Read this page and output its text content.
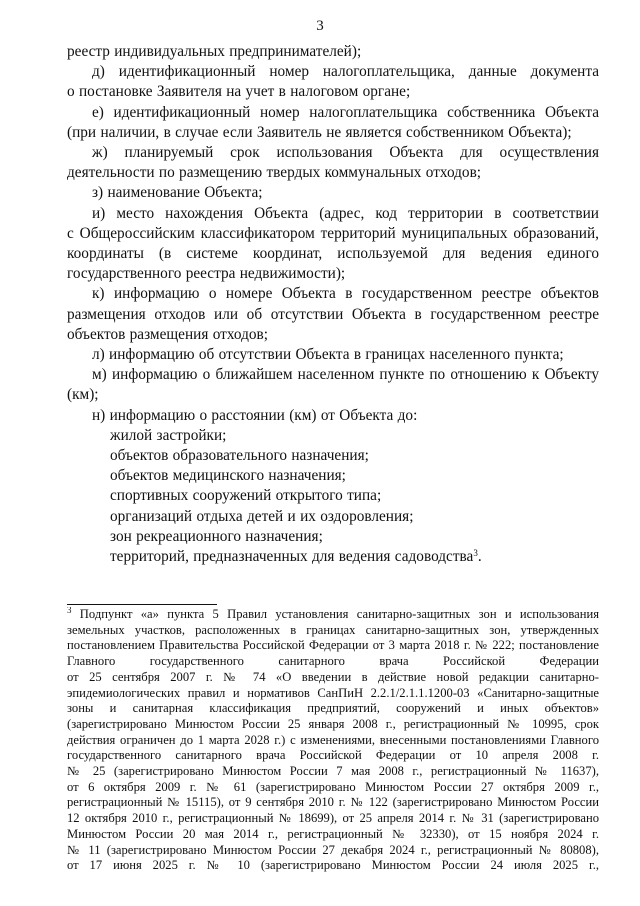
3
реестр индивидуальных предпринимателей);
д) идентификационный номер налогоплательщика, данные документа
о постановке Заявителя на учет в налоговом органе;
е) идентификационный номер налогоплательщика собственника Объекта
(при наличии, в случае если Заявитель не является собственником Объекта);
ж) планируемый срок использования Объекта для осуществления
деятельности по размещению твердых коммунальных отходов;
з) наименование Объекта;
и) место нахождения Объекта (адрес, код территории в соответствии
с Общероссийским классификатором территорий муниципальных образований,
координаты (в системе координат, используемой для ведения единого
государственного реестра недвижимости);
к) информацию о номере Объекта в государственном реестре объектов
размещения отходов или об отсутствии Объекта в государственном реестре
объектов размещения отходов;
л) информацию об отсутствии Объекта в границах населенного пункта;
м) информацию о ближайшем населенном пункте по отношению к Объекту
(км);
н) информацию о расстоянии (км) от Объекта до:
жилой застройки;
объектов образовательного назначения;
объектов медицинского назначения;
спортивных сооружений открытого типа;
организаций отдыха детей и их оздоровления;
зон рекреационного назначения;
территорий, предназначенных для ведения садоводства$^3$.
$^3$ Подпункт «а» пункта 5 Правил установления санитарно-защитных зон и использования
земельных участков, расположенных в границах санитарно-защитных зон, утвержденных
постановлением Правительства Российской Федерации от 3 марта 2018 г. № 222; постановление
Главного государственного санитарного врача Российской Федерации
от 25 сентября 2007 г. № 74 «О введении в действие новой редакции санитарно-
эпидемиологических правил и нормативов СанПиН 2.2.1/2.1.1.1200-03 «Санитарно-защитные
зоны и санитарная классификация предприятий, сооружений и иных объектов»
(зарегистрировано Минюстом России 25 января 2008 г., регистрационный № 10995, срок
действия ограничен до 1 марта 2028 г.) с изменениями, внесенными постановлениями Главного
государственного санитарного врача Российской Федерации от 10 апреля 2008 г.
№ 25 (зарегистрировано Минюстом России 7 мая 2008 г., регистрационный № 11637),
от 6 октября 2009 г. № 61 (зарегистрировано Минюстом России 27 октября 2009 г.,
регистрационный № 15115), от 9 сентября 2010 г. № 122 (зарегистрировано Минюстом России
12 октября 2010 г., регистрационный № 18699), от 25 апреля 2014 г. № 31 (зарегистрировано
Минюстом России 20 мая 2014 г., регистрационный № 32330), от 15 ноября 2024 г.
№ 11 (зарегистрировано Минюстом России 27 декабря 2024 г., регистрационный № 80808),
от 17 июня 2025 г. № 10 (зарегистрировано Минюстом России 24 июля 2025 г.,
